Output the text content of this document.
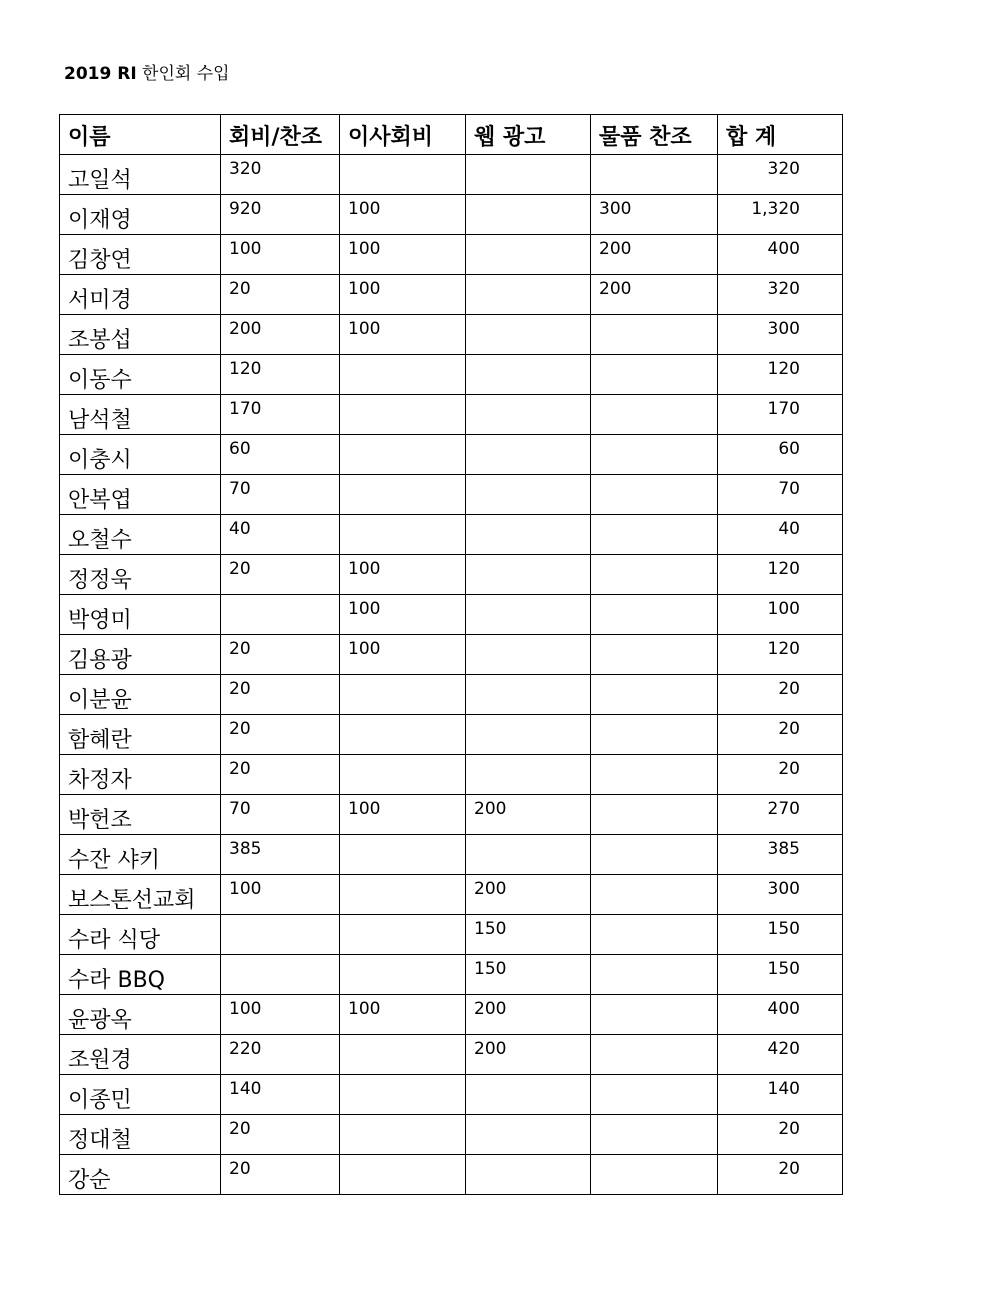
2019 RI 한인회 수입
이름	회비/찬조	이사회비	웹 광고	물품 찬조	합 계
고일석	320				320
이재영	920	100		300	1,320
김창연	100	100		200	400
서미경	20	100		200	320
조봉섭	200	100			300
이동수	120				120
남석철	170				170
이충시	60				60
안복엽	70				70
오철수	40				40
정정욱	20	100			120
박영미		100			100
김용광	20	100			120
이분윤	20				20
함혜란	20				20
차정자	20				20
박헌조	70	100	200		270
수잔 샤키	385				385
보스톤선교회	100		200		300
수라 식당			150		150
수라 BBQ			150		150
윤광옥	100	100	200		400
조원경	220		200		420
이종민	140				140
정대철	20				20
강순	20				20
